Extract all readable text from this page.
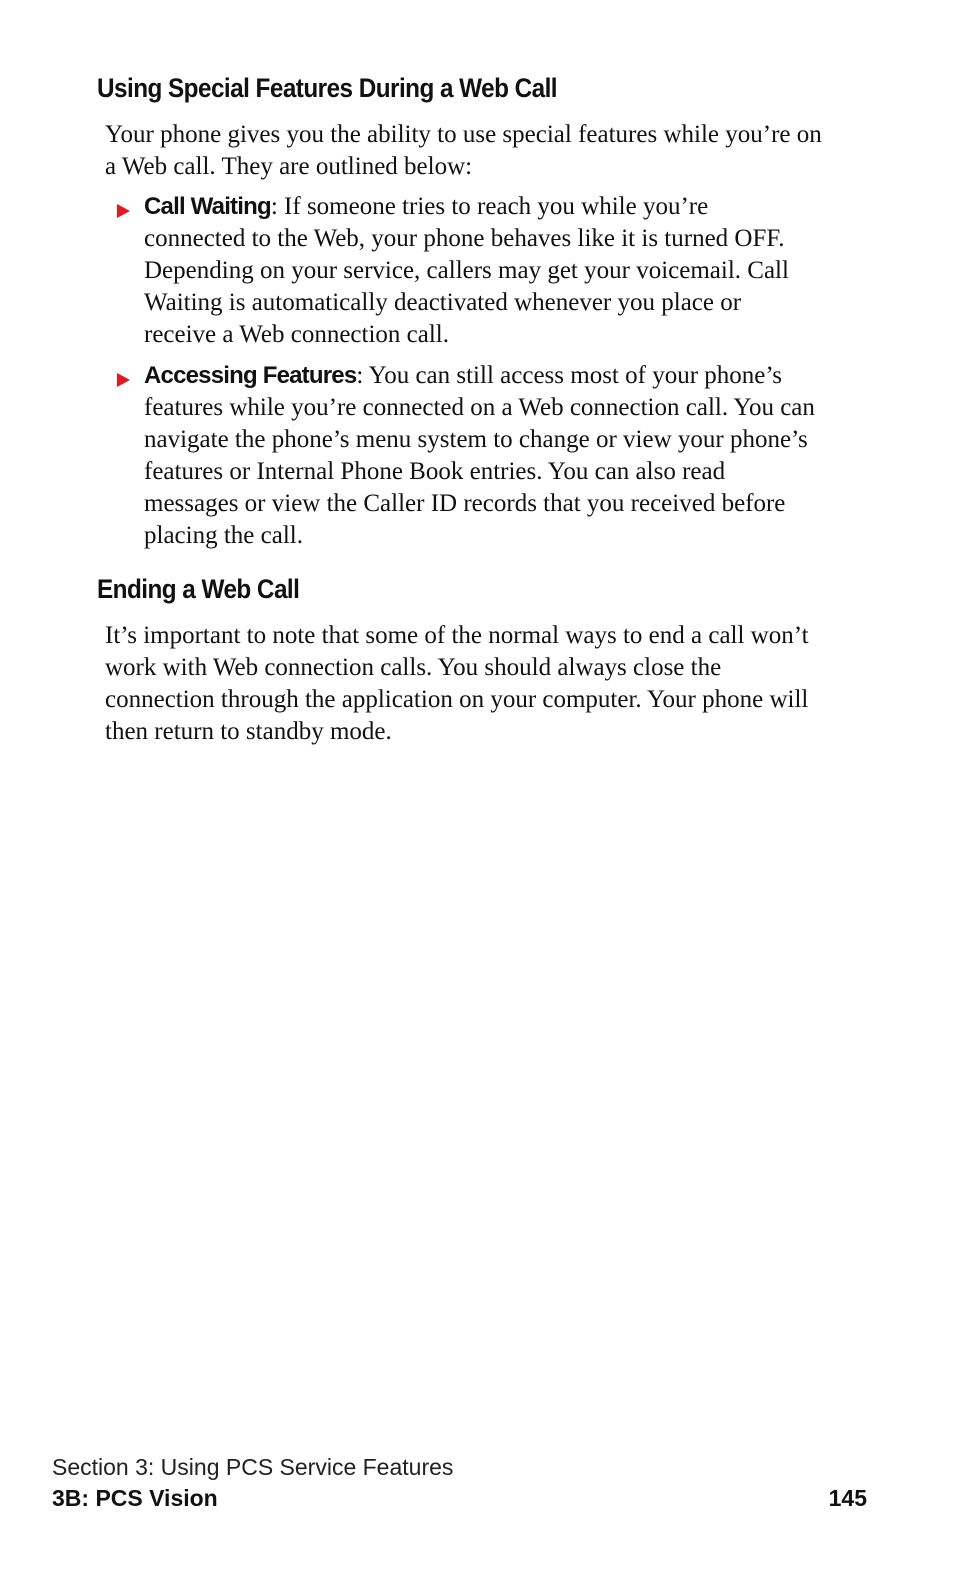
Using Special Features During a Web Call

Your phone gives you the ability to use special features while you’re on a Web call. They are outlined below:

Call Waiting: If someone tries to reach you while you’re connected to the Web, your phone behaves like it is turned OFF. Depending on your service, callers may get your voicemail. Call Waiting is automatically deactivated whenever you place or receive a Web connection call.
Accessing Features: You can still access most of your phone’s features while you’re connected on a Web connection call. You can navigate the phone’s menu system to change or view your phone’s features or Internal Phone Book entries. You can also read messages or view the Caller ID records that you received before placing the call.
Ending a Web Call

It’s important to note that some of the normal ways to end a call won’t work with Web connection calls. You should always close the connection through the application on your computer. Your phone will then return to standby mode.

Section 3: Using PCS Service Features
3B: PCS Vision	145
